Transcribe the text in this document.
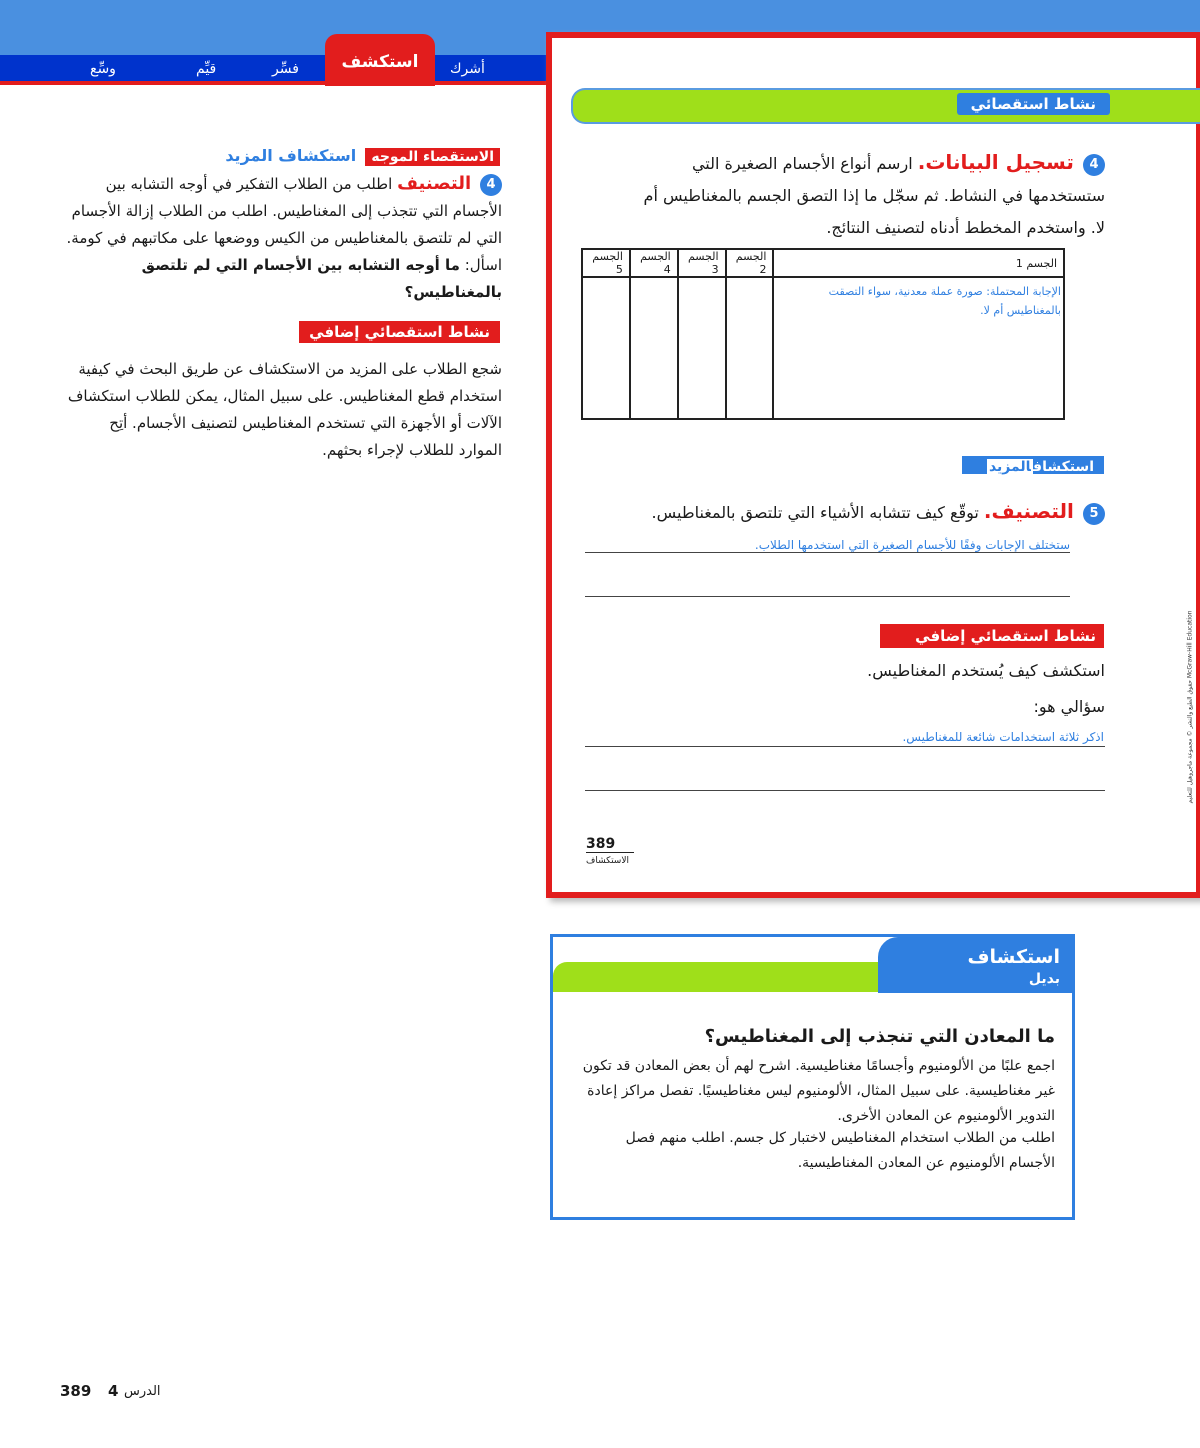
أشرك
فسِّر
قيِّم
وسِّع	استكشف
الاستقصاء الموجه استكشاف المزيد
4 التصنيف اطلب من الطلاب التفكير في أوجه التشابه بين الأجسام التي تتجذب إلى المغناطيس. اطلب من الطلاب إزالة الأجسام التي لم تلتصق بالمغناطيس من الكيس ووضعها على مكاتبهم في كومة. اسأل: ما أوجه التشابه بين الأجسام التي لم تلتصق بالمغناطيس؟
نشاط استقصائي إضافي
شجع الطلاب على المزيد من الاستكشاف عن طريق البحث في كيفية استخدام قطع المغناطيس. على سبيل المثال، يمكن للطلاب استكشاف الآلات أو الأجهزة التي تستخدم المغناطيس لتصنيف الأجسام. أتِح الموارد للطلاب لإجراء بحثهم.
نشاط استقصائي
4 تسجيل البيانات. ارسم أنواع الأجسام الصغيرة التي ستستخدمها في النشاط. ثم سجّل ما إذا التصق الجسم بالمغناطيس أم لا. واستخدم المخطط أدناه لتصنيف النتائج.
الجسم 1	الجسم 2	الجسم 3	الجسم 4	الجسم 5
الإجابة المحتملة: صورة عملة معدنية، سواء التصقت بالمغناطيس أم لا.				
استكشافالمزيد
5 التصنيف. توقّع كيف تتشابه الأشياء التي تلتصق بالمغناطيس.
ستختلف الإجابات وفقًا للأجسام الصغيرة التي استخدمها الطلاب.
نشاط استقصائي إضافي
استكشف كيف يُستخدم المغناطيس.
سؤالي هو:
اذكر ثلاثة استخدامات شائعة للمغناطيس.
389
الاستكشاف
حقوق الطبع والنشر © مجموعة ماجروهيل للتعليم McGraw-Hill Education
استكشاف
بديل
ما المعادن التي تنجذب إلى المغناطيس؟
اجمع علبًا من الألومنيوم وأجسامًا مغناطيسية. اشرح لهم أن بعض المعادن قد تكون غير مغناطيسية. على سبيل المثال، الألومنيوم ليس مغناطيسيًا. تفصل مراكز إعادة التدوير الألومنيوم عن المعادن الأخرى.
اطلب من الطلاب استخدام المغناطيس لاختبار كل جسم. اطلب منهم فصل الأجسام الألومنيوم عن المعادن المغناطيسية.
389 4 الدرس
